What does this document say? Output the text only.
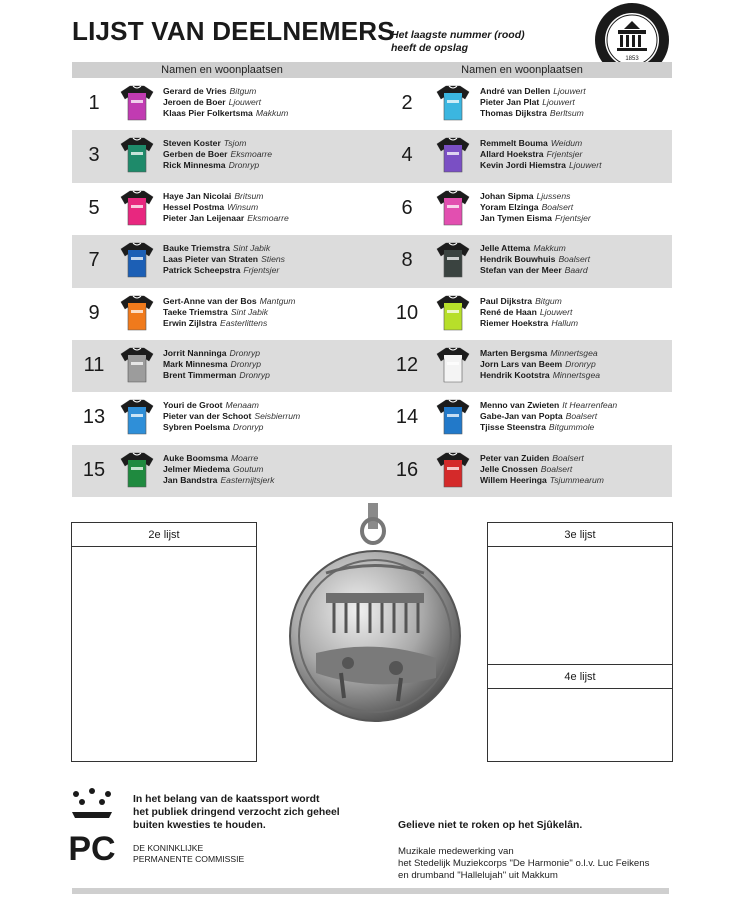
LIJST VAN DEELNEMERS
Het laagste nummer (rood)
heeft de opslag
1853
Namen en woonplaatsen	Namen en woonplaatsen
1
Gerard de Vries Bitgum
Jeroen de Boer Ljouwert
Klaas Pier Folkertsma Makkum	2
André van Dellen Ljouwert
Pieter Jan Plat Ljouwert
Thomas Dijkstra Berltsum
3
Steven Koster Tsjom
Gerben de Boer Eksmoarre
Rick Minnesma Dronryp	4
Remmelt Bouma Weidum
Allard Hoekstra Frjentsjer
Kevin Jordi Hiemstra Ljouwert
5
Haye Jan Nicolai Britsum
Hessel Postma Winsum
Pieter Jan Leijenaar Eksmoarre	6
Johan Sipma Ljussens
Yoram Elzinga Boalsert
Jan Tymen Eisma Frjentsjer
7
Bauke Triemstra Sint Jabik
Laas Pieter van Straten Stiens
Patrick Scheepstra Frjentsjer	8
Jelle Attema Makkum
Hendrik Bouwhuis Boalsert
Stefan van der Meer Baard
9
Gert-Anne van der Bos Mantgum
Taeke Triemstra Sint Jabik
Erwin Zijlstra Easterlittens	10
Paul Dijkstra Bitgum
René de Haan Ljouwert
Riemer Hoekstra Hallum
11
Jorrit Nanninga Dronryp
Mark Minnesma Dronryp
Brent Timmerman Dronryp	12
Marten Bergsma Minnertsgea
Jorn Lars van Beem Dronryp
Hendrik Kootstra Minnertsgea
13
Youri de Groot Menaam
Pieter van der Schoot Seisbierrum
Sybren Poelsma Dronryp	14
Menno van Zwieten It Hearrenfean
Gabe-Jan van Popta Boalsert
Tjisse Steenstra Bitgummole
15
Auke Boomsma Moarre
Jelmer Miedema Goutum
Jan Bandstra Easternijtsjerk	16
Peter van Zuiden Boalsert
Jelle Cnossen Boalsert
Willem Heeringa Tsjummearum
2e lijst	3e lijst
4e lijst
PC
In het belang van de kaatssport wordt
het publiek dringend verzocht zich geheel
buiten kwesties te houden.
DE KONINKLIJKE
PERMANENTE COMMISSIE
Gelieve niet te roken op het Sjûkelân.
Muzikale medewerking van
het Stedelijk Muziekcorps "De Harmonie" o.l.v. Luc Feikens
en drumband "Hallelujah" uit Makkum
